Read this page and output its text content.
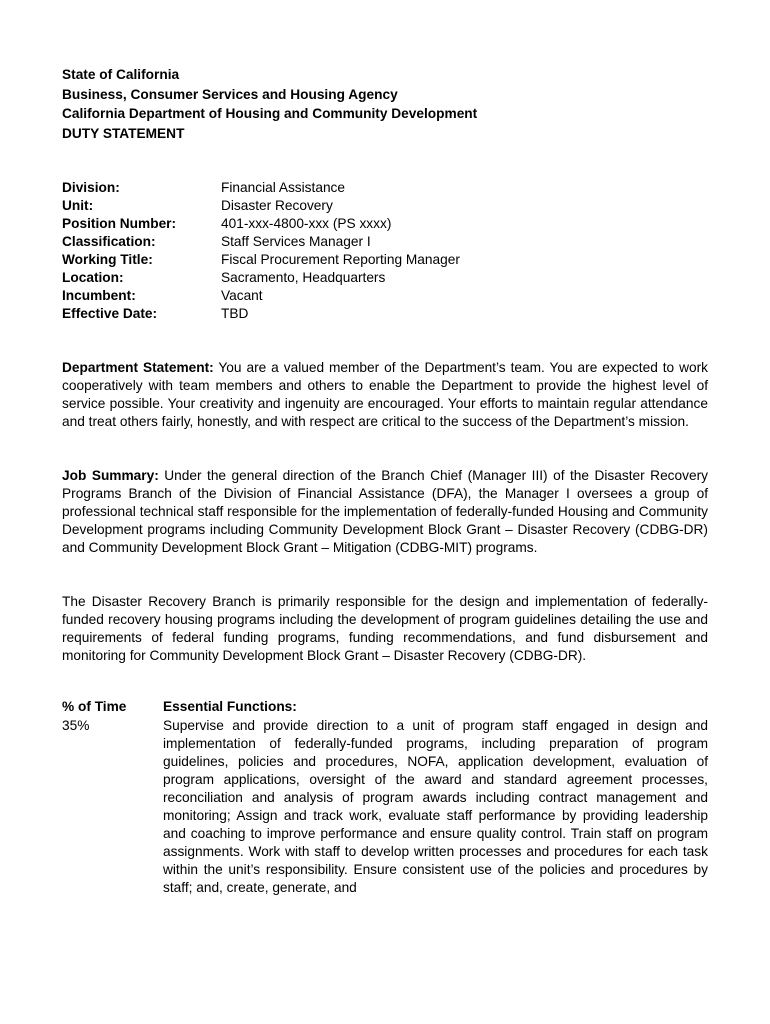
State of California
Business, Consumer Services and Housing Agency
California Department of Housing and Community Development
DUTY STATEMENT
Division:	Financial Assistance
Unit:	Disaster Recovery
Position Number:	401-xxx-4800-xxx (PS xxxx)
Classification:	Staff Services Manager I
Working Title:	Fiscal Procurement Reporting Manager
Location:	Sacramento, Headquarters
Incumbent:	Vacant
Effective Date:	TBD

Department Statement: You are a valued member of the Department’s team. You are expected to work cooperatively with team members and others to enable the Department to provide the highest level of service possible. Your creativity and ingenuity are encouraged. Your efforts to maintain regular attendance and treat others fairly, honestly, and with respect are critical to the success of the Department’s mission.

Job Summary: Under the general direction of the Branch Chief (Manager III) of the Disaster Recovery Programs Branch of the Division of Financial Assistance (DFA), the Manager I oversees a group of professional technical staff responsible for the implementation of federally-funded Housing and Community Development programs including Community Development Block Grant – Disaster Recovery (CDBG-DR) and Community Development Block Grant – Mitigation (CDBG-MIT) programs.

The Disaster Recovery Branch is primarily responsible for the design and implementation of federally-funded recovery housing programs including the development of program guidelines detailing the use and requirements of federal funding programs, funding recommendations, and fund disbursement and monitoring for Community Development Block Grant – Disaster Recovery (CDBG-DR).

% of Time	Essential Functions:
35%	Supervise and provide direction to a unit of program staff engaged in design and implementation of federally-funded programs, including preparation of program guidelines, policies and procedures, NOFA, application development, evaluation of program applications, oversight of the award and standard agreement processes, reconciliation and analysis of program awards including contract management and monitoring; Assign and track work, evaluate staff performance by providing leadership and coaching to improve performance and ensure quality control. Train staff on program assignments. Work with staff to develop written processes and procedures for each task within the unit’s responsibility. Ensure consistent use of the policies and procedures by staff; and, create, generate, and
